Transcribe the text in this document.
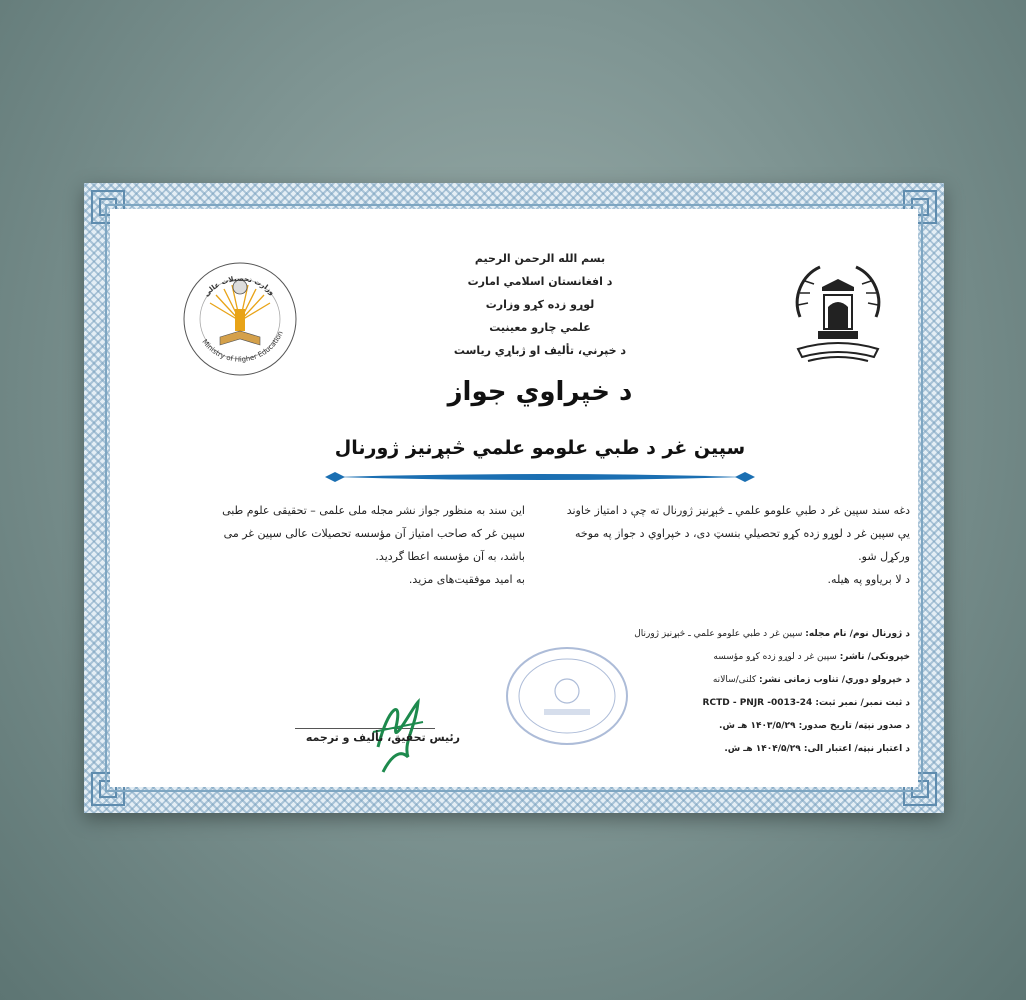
Ministry of Higher Education
وزارت تحصیلات عالی
بسم الله الرحمن الرحیم
د افغانستان اسلامي امارت
لوړو زده کړو وزارت
علمي چارو معینیت
د خپرني، تألیف او ژباړي ریاست
د خپراوي جواز
سپین غر د طبي علومو علمي څېړنیز ژورنال
دغه سند سپین غر د طبي علومو علمي ـ څېړنیز ژورنال ته چې د امتیاز خاوند
یې سپین غر د لوړو زده کړو تحصیلي بنسټ دی، د خپراوي د جواز په موخه
ورکړل شو.
د لا بریاوو په هیله.
این سند به منظور جواز نشر مجله ملی علمی – تحقیقی علوم طبی
سپین غر که صاحب امتیاز آن مؤسسه تحصیلات عالی سپین غر می
باشد، به آن مؤسسه اعطا گردید.
به امید موفقیت‌های مزید.
د ژورنال نوم/ نام مجله: سپین غر د طبي علومو علمي ـ څېړنیز ژورنال
خپرونکی/ ناشر: سپین غر د لوړو زده کړو مؤسسه
د خپرولو دوري/ تناوب زمانی نشر: کلنی/سالانه
د ثبت نمبر/ نمبر ثبت: RCTD - PNJR -0013-24
د صدور نېټه/ تاریخ صدور: ۱۴۰۳/۵/۲۹ هـ ش.
د اعتبار نېټه/ اعتبار الی: ۱۴۰۴/۵/۲۹ هـ ش.
رئیس تحقیق، تألیف و ترجمه
